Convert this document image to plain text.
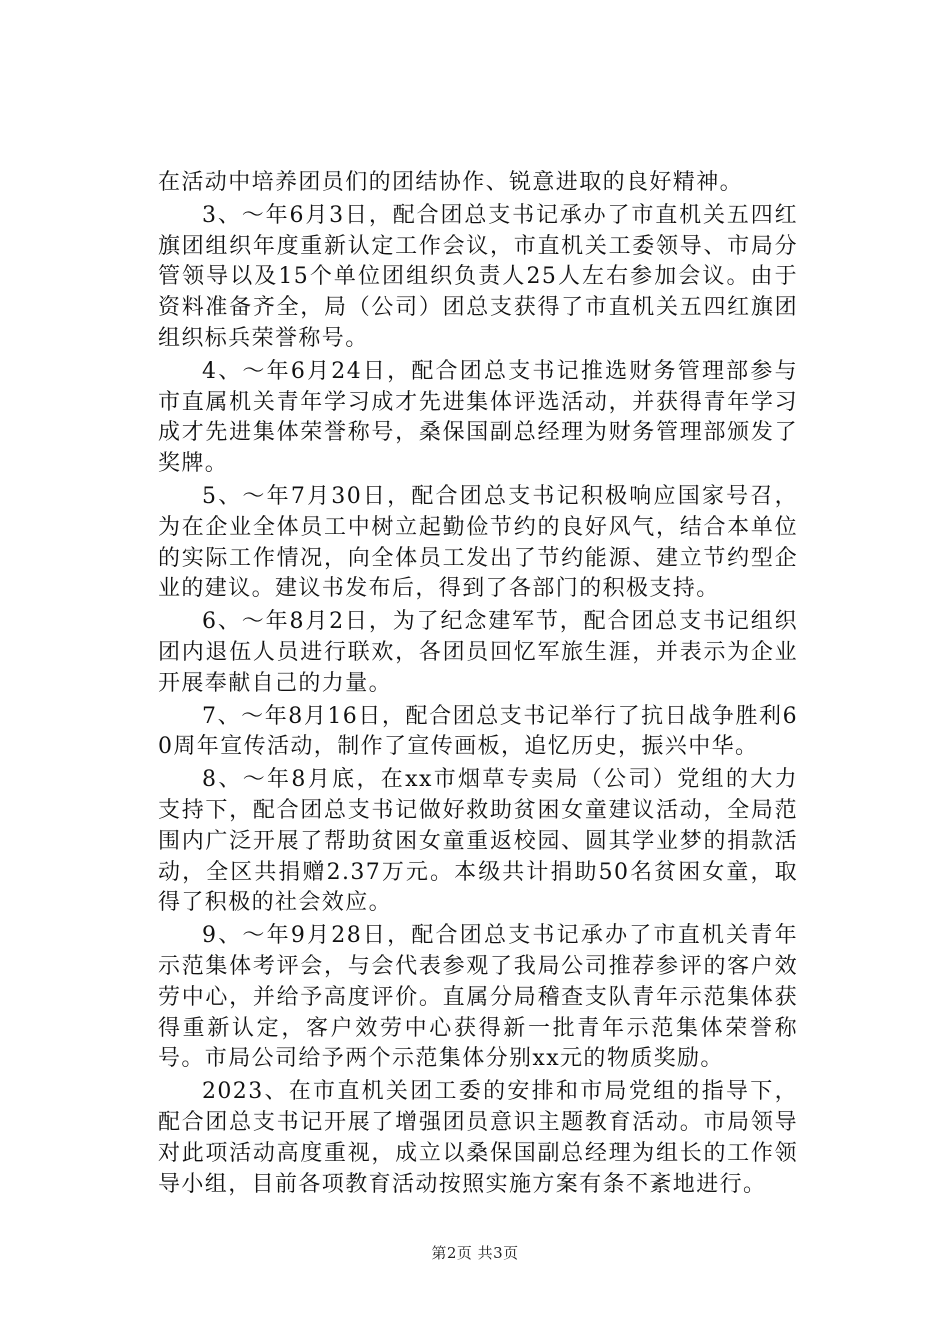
在活动中培养团员们的团结协作、锐意进取的良好精神。

3、～年6月3日，配合团总支书记承办了市直机关五四红旗团组织年度重新认定工作会议，市直机关工委领导、市局分管领导以及15个单位团组织负责人25人左右参加会议。由于资料准备齐全，局（公司）团总支获得了市直机关五四红旗团组织标兵荣誉称号。

4、～年6月24日，配合团总支书记推选财务管理部参与市直属机关青年学习成才先进集体评选活动，并获得青年学习成才先进集体荣誉称号，桑保国副总经理为财务管理部颁发了奖牌。

5、～年7月30日，配合团总支书记积极响应国家号召，为在企业全体员工中树立起勤俭节约的良好风气，结合本单位的实际工作情况，向全体员工发出了节约能源、建立节约型企业的建议。建议书发布后，得到了各部门的积极支持。

6、～年8月2日，为了纪念建军节，配合团总支书记组织团内退伍人员进行联欢，各团员回忆军旅生涯，并表示为企业开展奉献自己的力量。

7、～年8月16日，配合团总支书记举行了抗日战争胜利60周年宣传活动，制作了宣传画板，追忆历史，振兴中华。

8、～年8月底，在xx市烟草专卖局（公司）党组的大力支持下，配合团总支书记做好救助贫困女童建议活动，全局范围内广泛开展了帮助贫困女童重返校园、圆其学业梦的捐款活动，全区共捐赠2.37万元。本级共计捐助50名贫困女童，取得了积极的社会效应。

9、～年9月28日，配合团总支书记承办了市直机关青年示范集体考评会，与会代表参观了我局公司推荐参评的客户效劳中心，并给予高度评价。直属分局稽查支队青年示范集体获得重新认定，客户效劳中心获得新一批青年示范集体荣誉称号。市局公司给予两个示范集体分别xx元的物质奖励。

2023、在市直机关团工委的安排和市局党组的指导下，配合团总支书记开展了增强团员意识主题教育活动。市局领导对此项活动高度重视，成立以桑保国副总经理为组长的工作领导小组，目前各项教育活动按照实施方案有条不紊地进行。

第2页 共3页
